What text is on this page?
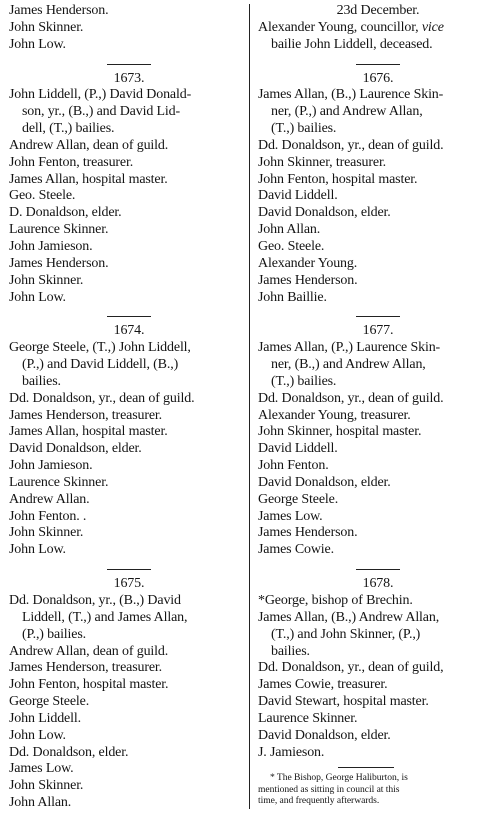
James Henderson.

John Skinner.

John Low.

1673.

John Liddell, (P.,) David Donald-

son, yr., (B.,) and David Lid-

dell, (T.,) bailies.

Andrew Allan, dean of guild.

John Fenton, treasurer.

James Allan, hospital master.

Geo. Steele.

D. Donaldson, elder.

Laurence Skinner.

John Jamieson.

James Henderson.

John Skinner.

John Low.

1674.

George Steele, (T.,) John Liddell,

(P.,) and David Liddell, (B.,)

bailies.

Dd. Donaldson, yr., dean of guild.

James Henderson, treasurer.

James Allan, hospital master.

David Donaldson, elder.

John Jamieson.

Laurence Skinner.

Andrew Allan.

John Fenton. .

John Skinner.

John Low.

1675.

Dd. Donaldson, yr., (B.,) David

Liddell, (T.,) and James Allan,

(P.,) bailies.

Andrew Allan, dean of guild.

James Henderson, treasurer.

John Fenton, hospital master.

George Steele.

John Liddell.

John Low.

Dd. Donaldson, elder.

James Low.

John Skinner.

John Allan.

23d December.

Alexander Young, councillor, vice

bailie John Liddell, deceased.

1676.

James Allan, (B.,) Laurence Skin-

ner, (P.,) and Andrew Allan,

(T.,) bailies.

Dd. Donaldson, yr., dean of guild.

John Skinner, treasurer.

John Fenton, hospital master.

David Liddell.

David Donaldson, elder.

John Allan.

Geo. Steele.

Alexander Young.

James Henderson.

John Baillie.

1677.

James Allan, (P.,) Laurence Skin-

ner, (B.,) and Andrew Allan,

(T.,) bailies.

Dd. Donaldson, yr., dean of guild.

Alexander Young, treasurer.

John Skinner, hospital master.

David Liddell.

John Fenton.

David Donaldson, elder.

George Steele.

James Low.

James Henderson.

James Cowie.

1678.

*George, bishop of Brechin.

James Allan, (B.,) Andrew Allan,

(T.,) and John Skinner, (P.,)

bailies.

Dd. Donaldson, yr., dean of guild,

James Cowie, treasurer.

David Stewart, hospital master.

Laurence Skinner.

David Donaldson, elder.

J. Jamieson.

* The Bishop, George Haliburton, is

mentioned as sitting in council at this

time, and frequently afterwards.
